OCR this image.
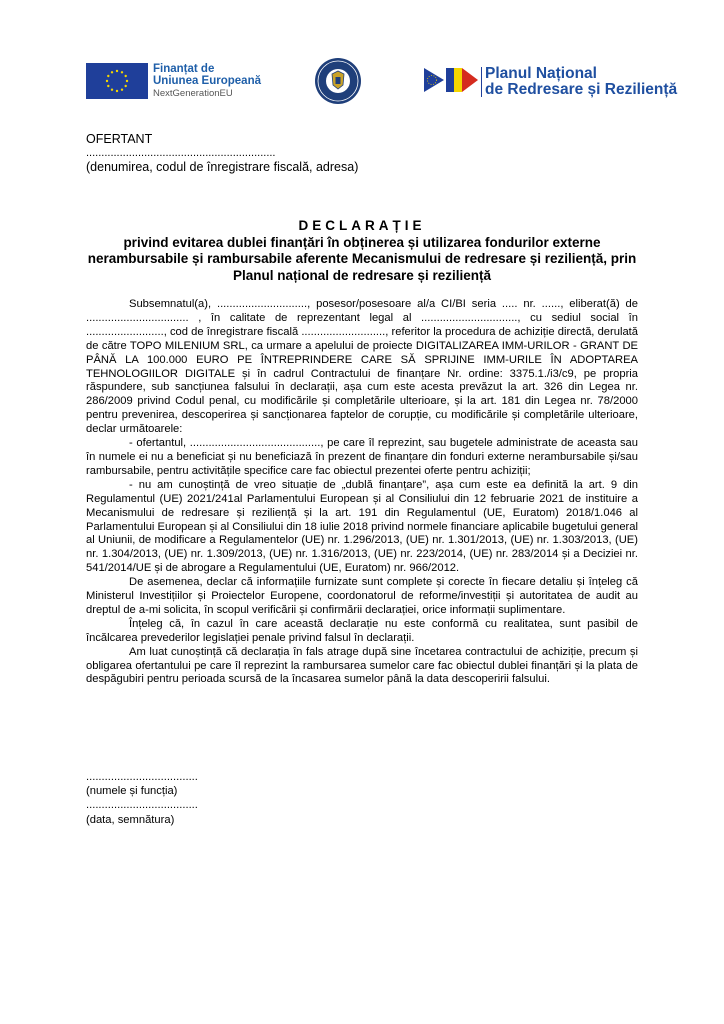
Finanțat de
Uniunea Europeană
NextGenerationEU
Planul Național
de Redresare și Reziliență
OFERTANT
..............................................................
(denumirea, codul de înregistrare fiscală, adresa)
DECLARAȚIE
privind evitarea dublei finanțări în obținerea și utilizarea fondurilor externe nerambursabile și rambursabile aferente Mecanismului de redresare și reziliență, prin Planul național de redresare și reziliență

Subsemnatul(a), ............................., posesor/posesoare al/a CI/BI seria ..... nr. ......, eliberat(ă) de ................................. , în calitate de reprezentant legal al ..............................., cu sediul social în ........................., cod de înregistrare fiscală ..........................., referitor la procedura de achiziție directă, derulată de către TOPO MILENIUM SRL, ca urmare a apelului de proiecte DIGITALIZAREA IMM-URILOR - GRANT DE PÂNĂ LA 100.000 EURO PE ÎNTREPRINDERE CARE SĂ SPRIJINE IMM-URILE ÎN ADOPTAREA TEHNOLOGIILOR DIGITALE și în cadrul Contractului de finanțare Nr. ordine: 3375.1./i3/c9, pe propria răspundere, sub sancțiunea falsului în declarații, așa cum este acesta prevăzut la art. 326 din Legea nr. 286/2009 privind Codul penal, cu modificările și completările ulterioare, și la art. 181 din Legea nr. 78/2000 pentru prevenirea, descoperirea și sancționarea faptelor de corupție, cu modificările și completările ulterioare, declar următoarele:

- ofertantul, .........................................., pe care îl reprezint, sau bugetele administrate de aceasta sau în numele ei nu a beneficiat și nu beneficiază în prezent de finanțare din fonduri externe nerambursabile și/sau rambursabile, pentru activitățile specifice care fac obiectul prezentei oferte pentru achiziții;

- nu am cunoștință de vreo situație de „dublă finanțare”, așa cum este ea definită la art. 9 din Regulamentul (UE) 2021/241al Parlamentului European și al Consiliului din 12 februarie 2021 de instituire a Mecanismului de redresare și reziliență și la art. 191 din Regulamentul (UE, Euratom) 2018/1.046 al Parlamentului European și al Consiliului din 18 iulie 2018 privind normele financiare aplicabile bugetului general al Uniunii, de modificare a Regulamentelor (UE) nr. 1.296/2013, (UE) nr. 1.301/2013, (UE) nr. 1.303/2013, (UE) nr. 1.304/2013, (UE) nr. 1.309/2013, (UE) nr. 1.316/2013, (UE) nr. 223/2014, (UE) nr. 283/2014 și a Deciziei nr. 541/2014/UE și de abrogare a Regulamentului (UE, Euratom) nr. 966/2012.

De asemenea, declar că informațiile furnizate sunt complete și corecte în fiecare detaliu și înțeleg că Ministerul Investițiilor și Proiectelor Europene, coordonatorul de reforme/investiții și autoritatea de audit au dreptul de a-mi solicita, în scopul verificării și confirmării declarației, orice informații suplimentare.

Înțeleg că, în cazul în care această declarație nu este conformă cu realitatea, sunt pasibil de încălcarea prevederilor legislației penale privind falsul în declarații.

Am luat cunoștință că declarația în fals atrage după sine încetarea contractului de achiziție, precum și obligarea ofertantului pe care îl reprezint la rambursarea sumelor care fac obiectul dublei finanțări și la plata de despăgubiri pentru perioada scursă de la încasarea sumelor până la data descoperirii falsului.

....................................
(numele și funcția)
....................................
(data, semnătura)
